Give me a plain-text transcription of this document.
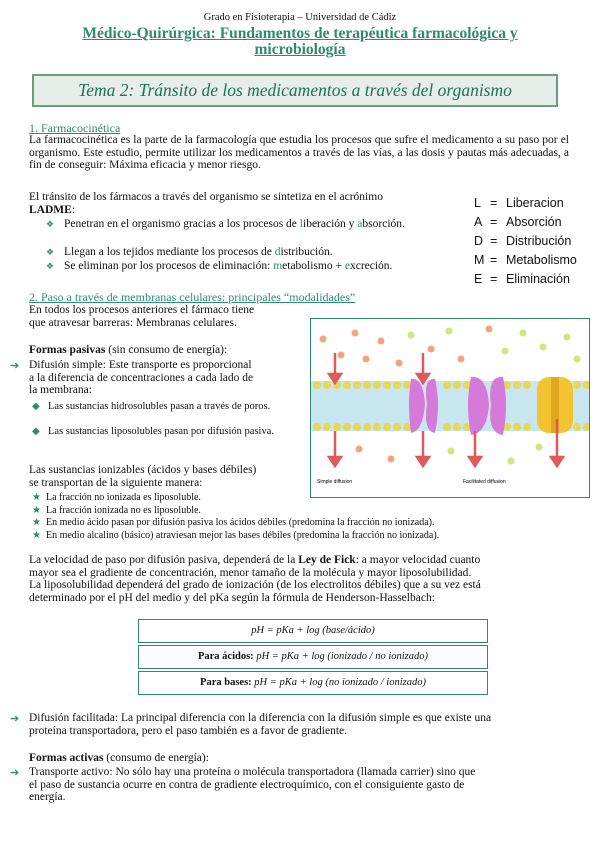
Grado en Fisioterapia – Universidad de Cádiz
Médico-Quirúrgica: Fundamentos de terapéutica farmacológica y
microbiología
Tema 2: Tránsito de los medicamentos a través del organismo
1. Farmacocinética
La farmacocinética es la parte de la farmacología que estudia los procesos que sufre el medicamento a su paso por el organismo. Este estudio, permite utilizar los medicamentos a través de las vías, a las dosis y pautas más adecuadas, a fin de conseguir: Máxima eficacia y menor riesgo.
El tránsito de los fármacos a través del organismo se sintetiza en el acrónimo
LADME:
❖ Penetran en el organismo gracias a los procesos de liberación y absorción.
❖ Llegan a los tejidos mediante los procesos de distribución.
❖ Se eliminan por los procesos de eliminación: metabolismo + excreción.
L = Liberacion
A = Absorción
D = Distribución
M = Metabolismo
E = Eliminación
2. Paso a través de membranas celulares: principales “modalidades”
En todos los procesos anteriores el fármaco tiene
que atravesar barreras: Membranas celulares.
Formas pasivas (sin consumo de energía):
➔ Difusión simple: Este transporte es proporcional
a la diferencia de concentraciones a cada lado de
la membrana:
◆ Las sustancias hidrosolubles pasan a través de poros.
◆ Las sustancias liposolubles pasan por difusión pasiva.
Las sustancias ionizables (ácidos y bases débiles)
se transportan de la siguiente manera:
★ La fracción no ionizada es liposoluble.
★ La fracción ionizada no es liposoluble.
★ En medio ácido pasan por difusión pasiva los ácidos débiles (predomina la fracción no ionizada).
★ En medio alcalino (básico) atraviesan mejor las bases débiles (predomina la fracción no ionizada).
Simple diffusion	Facilitated diffusion
La velocidad de paso por difusión pasiva, dependerá de la Ley de Fick: a mayor velocidad cuanto
mayor sea el gradiente de concentración, menor tamaño de la molécula y mayor liposolubilidad.
La liposolubilidad dependerá del grado de ionización (de los electrolitos débiles) que a su vez está
determinado por el pH del medio y del pKa según la fórmula de Henderson-Hasselbach:
pH = pKa + log (base/ácido)
Para ácidos: pH = pKa + log (ionizado / no ionizado)
Para bases: pH = pKa + log (no ionizado / ionizado)
➔ Difusión facilitada: La principal diferencia con la diferencia con la difusión simple es que existe una
proteína transportadora, pero el paso también es a favor de gradiente.
Formas activas (consumo de energía):
➔ Transporte activo: No sólo hay una proteína o molécula transportadora (llamada carrier) sino que
el paso de sustancia ocurre en contra de gradiente electroquímico, con el consiguiente gasto de
energía.
